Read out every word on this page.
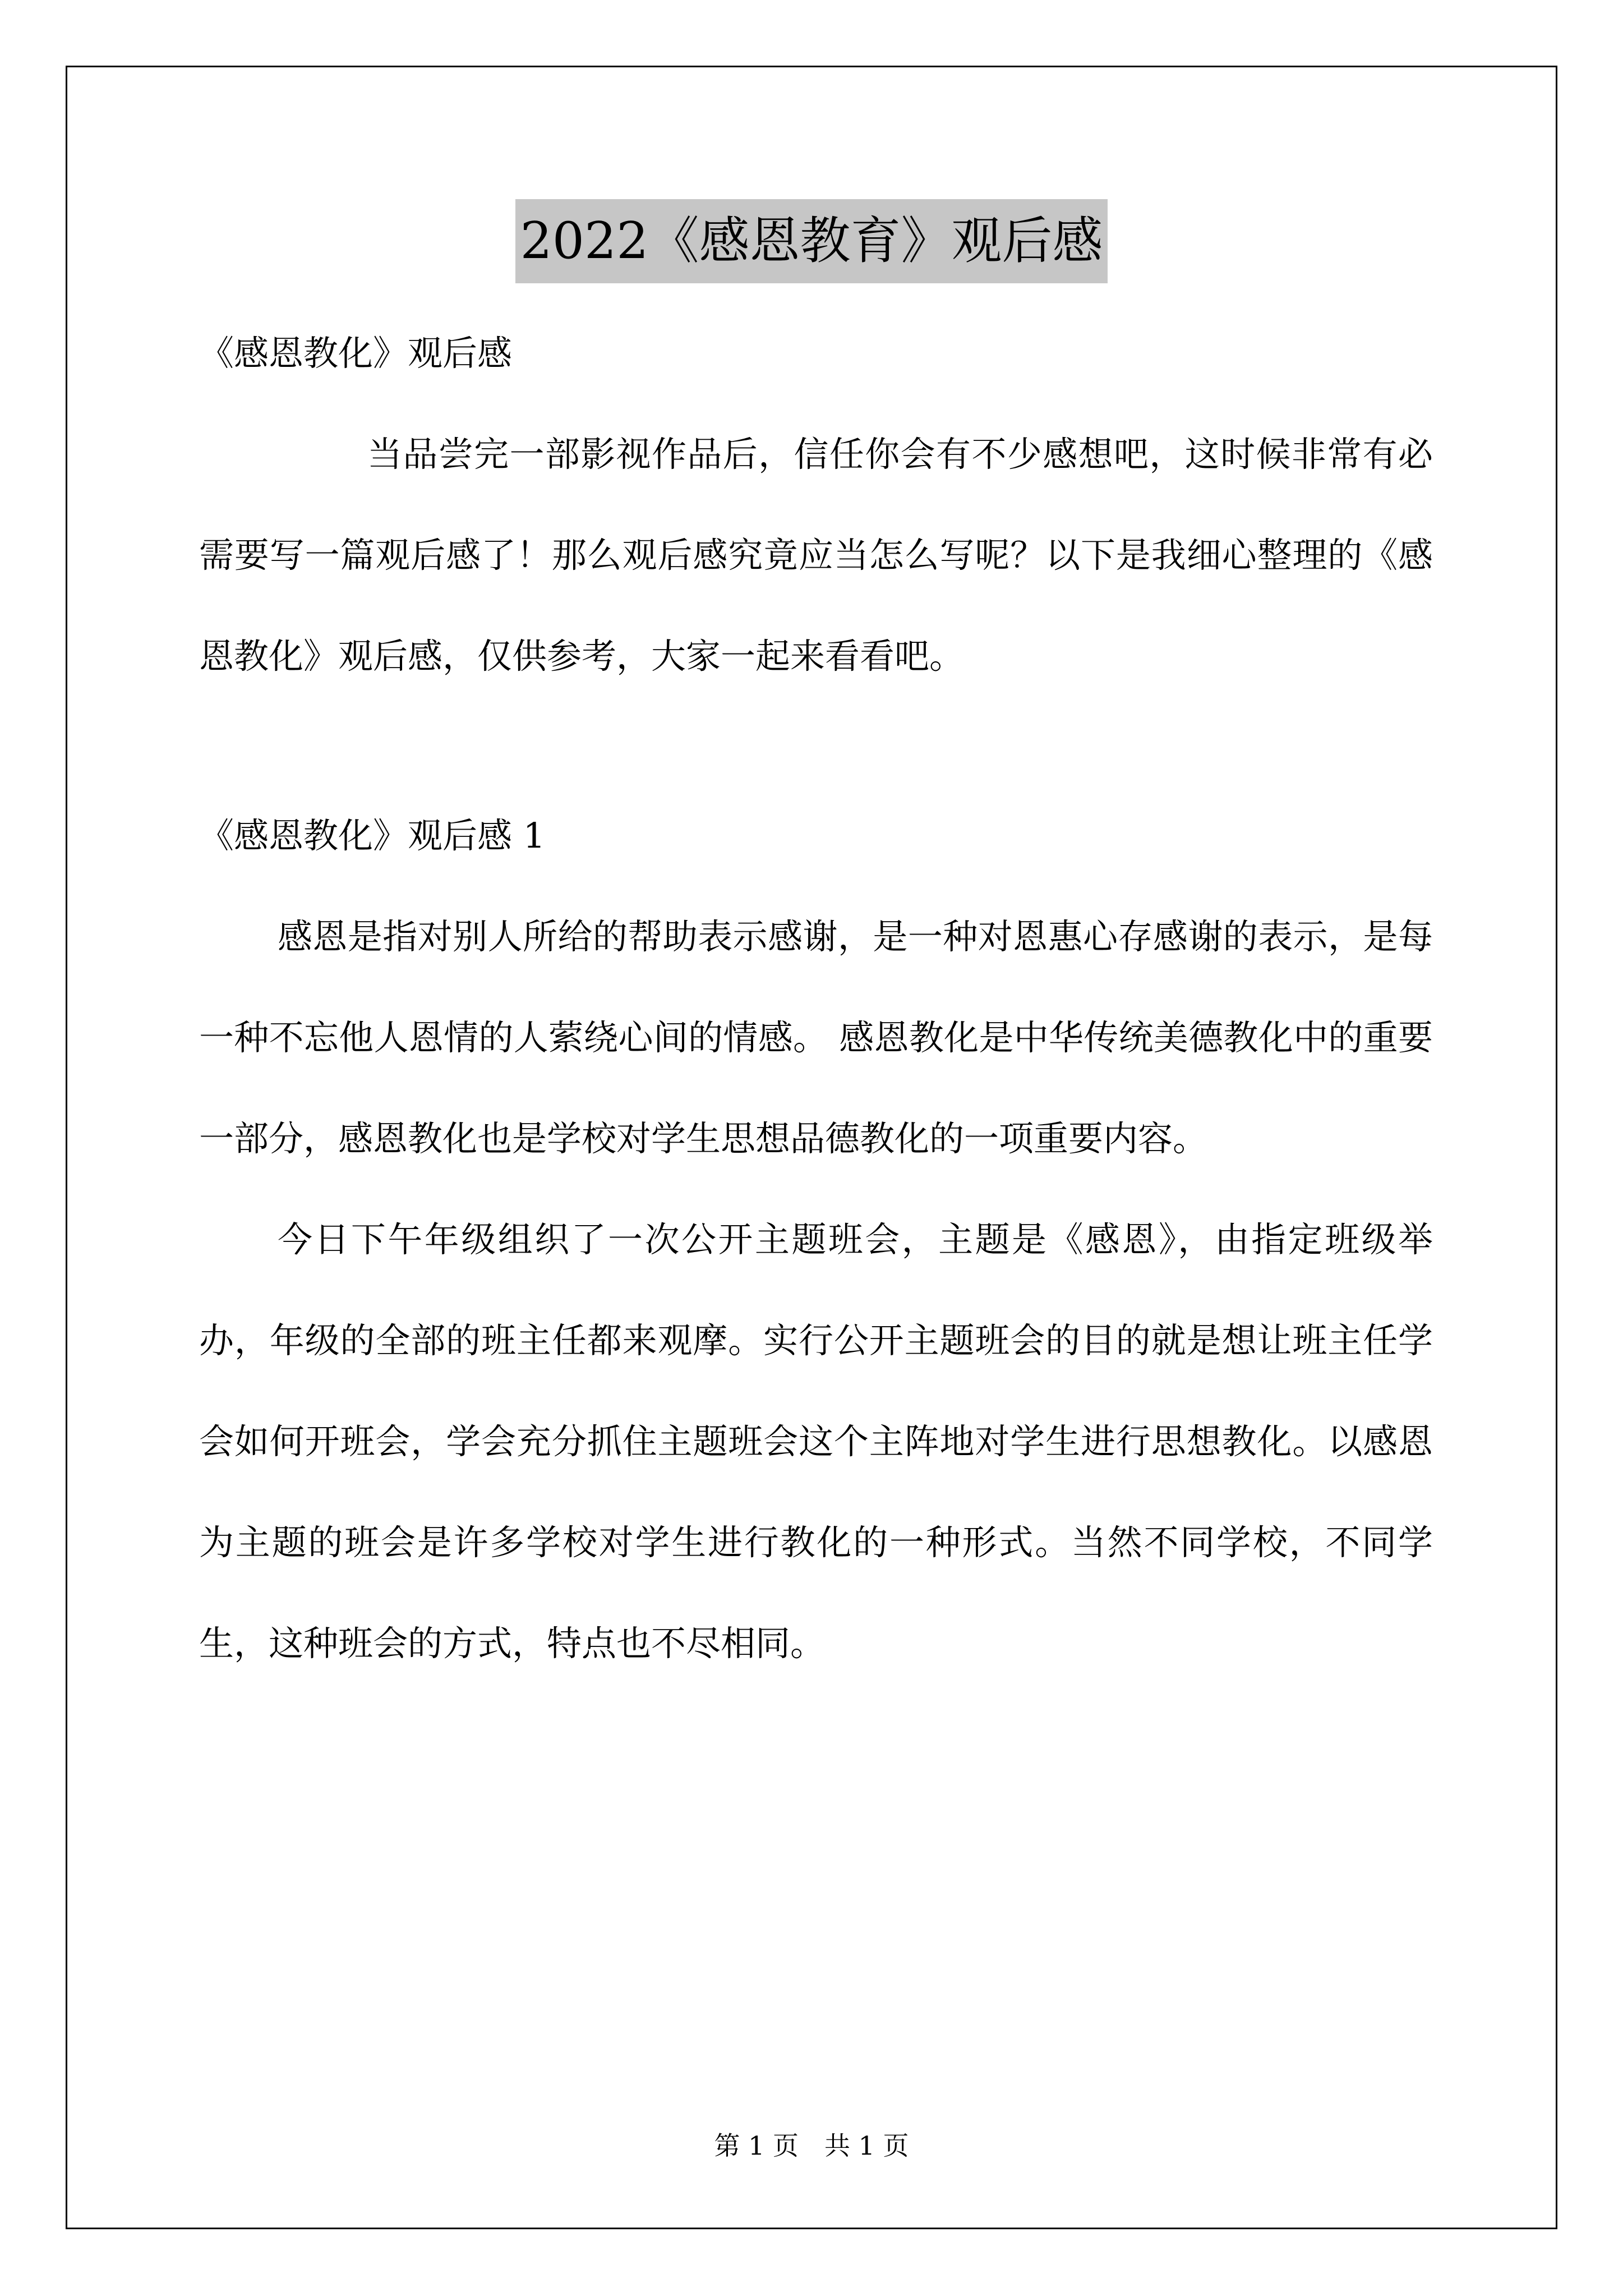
2022《感恩教育》观后感

《感恩教化》观后感

当品尝完一部影视作品后，信任你会有不少感想吧，这时候非常有必需要写一篇观后感了！那么观后感究竟应当怎么写呢？以下是我细心整理的《感恩教化》观后感，仅供参考，大家一起来看看吧。

《感恩教化》观后感 1

感恩是指对别人所给的帮助表示感谢，是一种对恩惠心存感谢的表示，是每一种不忘他人恩情的人萦绕心间的情感。 感恩教化是中华传统美德教化中的重要一部分，感恩教化也是学校对学生思想品德教化的一项重要内容。

今日下午年级组织了一次公开主题班会，主题是《感恩》，由指定班级举办，年级的全部的班主任都来观摩。实行公开主题班会的目的就是想让班主任学会如何开班会，学会充分抓住主题班会这个主阵地对学生进行思想教化。以感恩为主题的班会是许多学校对学生进行教化的一种形式。当然不同学校，不同学生，这种班会的方式，特点也不尽相同。

第 1 页　共 1 页
